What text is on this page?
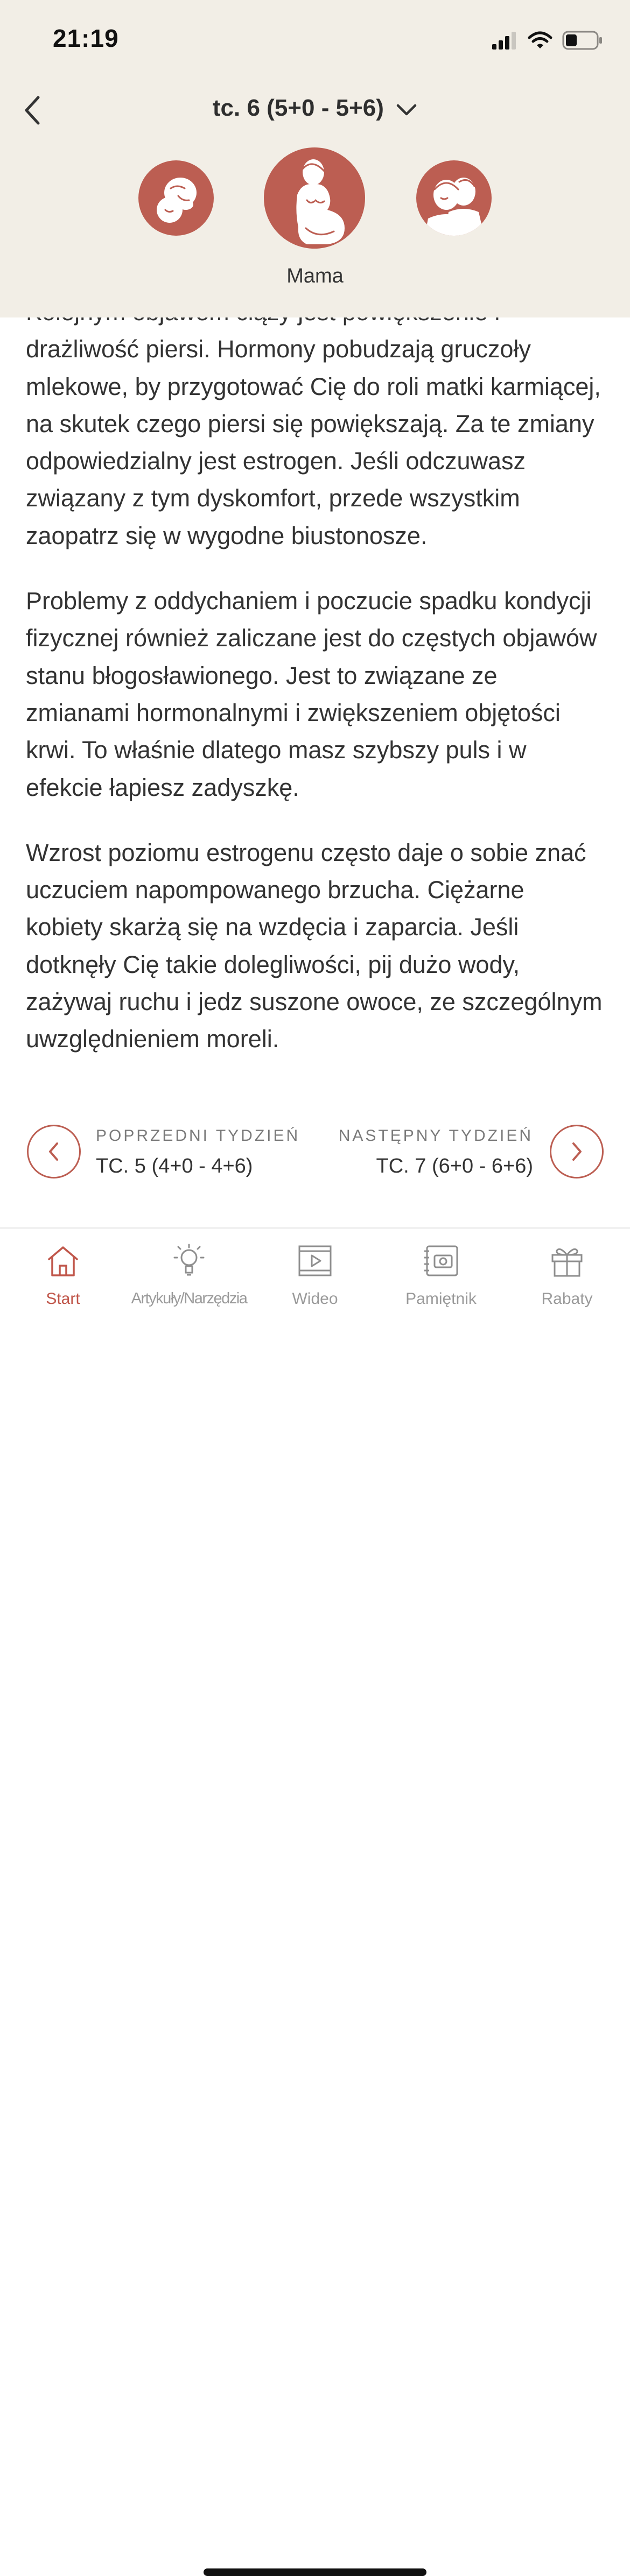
drażliwość piersi. Hormony pobudzają gruczoły mlekowe, by przygotować Cię do roli matki karmiącej, na skutek czego piersi się powiększają. Za te zmiany odpowiedzialny jest estrogen. Jeśli odczuwasz związany z tym dyskomfort, przede wszystkim zaopatrz się w wygodne biustonosze.

Problemy z oddychaniem i poczucie spadku kondycji fizycznej również zaliczane jest do częstych objawów stanu błogosławionego. Jest to związane ze zmianami hormonalnymi i zwiększeniem objętości krwi. To właśnie dlatego masz szybszy puls i w efekcie łapiesz zadyszkę.

Wzrost poziomu estrogenu często daje o sobie znać uczuciem napompowanego brzucha. Ciężarne kobiety skarżą się na wzdęcia i zaparcia. Jeśli dotknęły Cię takie dolegliwości, pij dużo wody, zażywaj ruchu i jedz suszone owoce, ze szczególnym uwzględnieniem moreli.

21:19
tc. 6 (5+0 - 5+6)
Mama
POPRZEDNI TYDZIEŃ
TC. 5 (4+0 - 4+6)
NASTĘPNY TYDZIEŃ
TC. 7 (6+0 - 6+6)
Start	Artykuły/Narzędzia	Wideo	Pamiętnik	Rabaty
